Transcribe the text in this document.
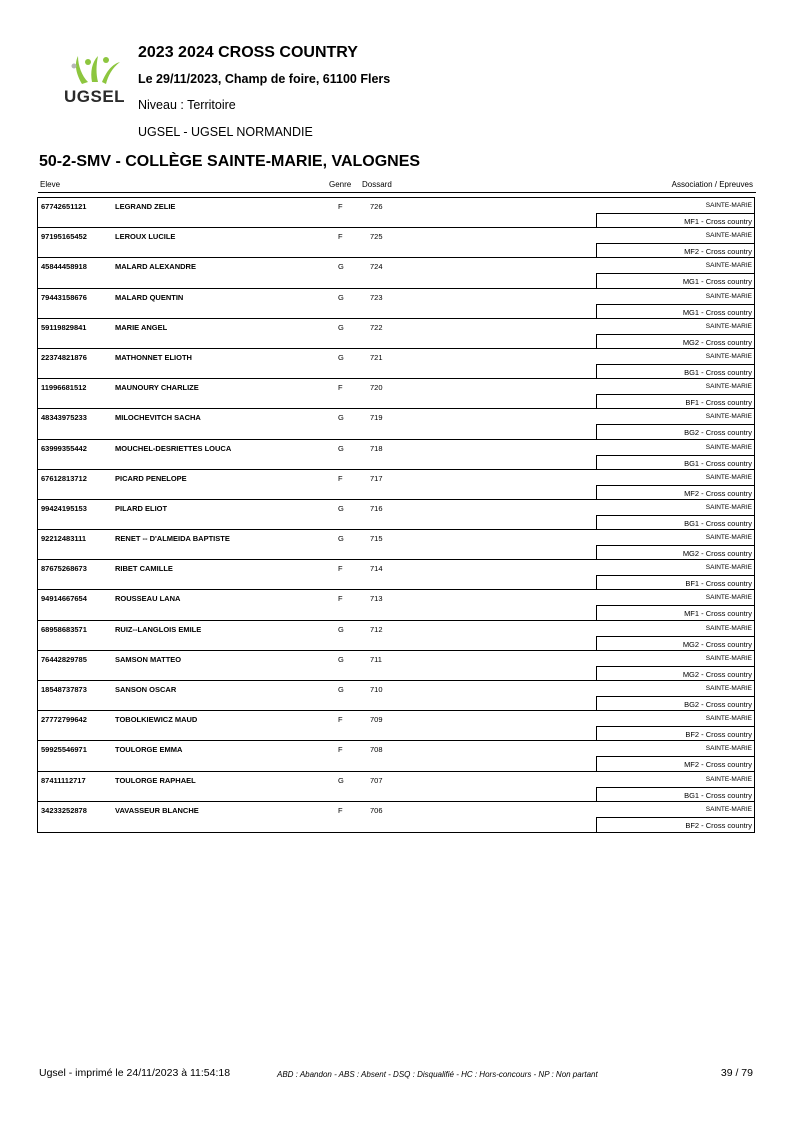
UGSEL
2023 2024 CROSS COUNTRY
Le 29/11/2023, Champ de foire, 61100 Flers
Niveau : Territoire
UGSEL - UGSEL NORMANDIE
50-2-SMV - COLLÈGE SAINTE-MARIE, VALOGNES
Eleve	Genre Dossard	Association / Epreuves
67742651121	LEGRAND ZELIE	F	726	SAINTE-MARIE
MF1 - Cross country
97195165452	LEROUX LUCILE	F	725	SAINTE-MARIE
MF2 - Cross country
45844458918	MALARD ALEXANDRE	G	724	SAINTE-MARIE
MG1 - Cross country
79443158676	MALARD QUENTIN	G	723	SAINTE-MARIE
MG1 - Cross country
59119829841	MARIE ANGEL	G	722	SAINTE-MARIE
MG2 - Cross country
22374821876	MATHONNET ELIOTH	G	721	SAINTE-MARIE
BG1 - Cross country
11996681512	MAUNOURY CHARLIZE	F	720	SAINTE-MARIE
BF1 - Cross country
48343975233	MILOCHEVITCH SACHA	G	719	SAINTE-MARIE
BG2 - Cross country
63999355442	MOUCHEL-DESRIETTES LOUCA	G	718	SAINTE-MARIE
BG1 - Cross country
67612813712	PICARD PENELOPE	F	717	SAINTE-MARIE
MF2 - Cross country
99424195153	PILARD ELIOT	G	716	SAINTE-MARIE
BG1 - Cross country
92212483111	RENET -- D'ALMEIDA BAPTISTE	G	715	SAINTE-MARIE
MG2 - Cross country
87675268673	RIBET CAMILLE	F	714	SAINTE-MARIE
BF1 - Cross country
94914667654	ROUSSEAU LANA	F	713	SAINTE-MARIE
MF1 - Cross country
68958683571	RUIZ--LANGLOIS EMILE	G	712	SAINTE-MARIE
MG2 - Cross country
76442829785	SAMSON MATTEO	G	711	SAINTE-MARIE
MG2 - Cross country
18548737873	SANSON OSCAR	G	710	SAINTE-MARIE
BG2 - Cross country
27772799642	TOBOLKIEWICZ MAUD	F	709	SAINTE-MARIE
BF2 - Cross country
59925546971	TOULORGE EMMA	F	708	SAINTE-MARIE
MF2 - Cross country
87411112717	TOULORGE RAPHAEL	G	707	SAINTE-MARIE
BG1 - Cross country
34233252878	VAVASSEUR BLANCHE	F	706	SAINTE-MARIE
BF2 - Cross country
Ugsel - imprimé le 24/11/2023 à 11:54:18	ABD : Abandon - ABS : Absent - DSQ : Disqualifié - HC : Hors-concours - NP : Non partant	39 / 79
